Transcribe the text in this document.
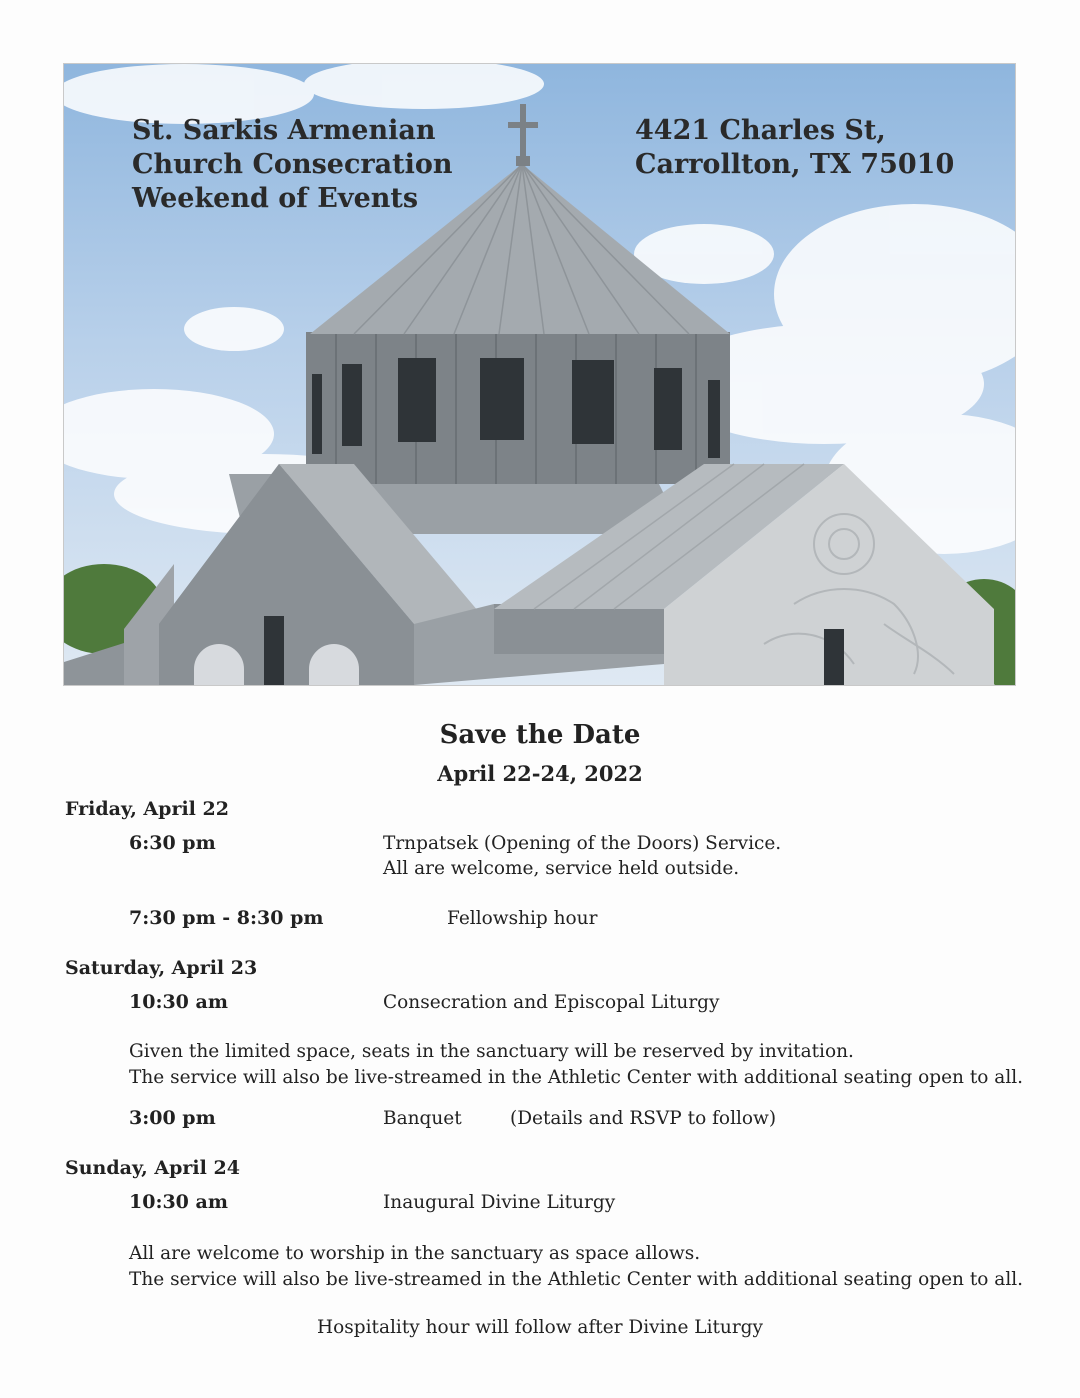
St. Sarkis Armenian
Church Consecration
Weekend of Events
4421 Charles St,
Carrollton, TX 75010
Save the Date
April 22-24, 2022
Friday, April 22
6:30 pm	Trnpatsek (Opening of the Doors) Service.
All are welcome, service held outside.
7:30 pm - 8:30 pm	Fellowship hour
Saturday, April 23
10:30 am	Consecration and Episcopal Liturgy
Given the limited space, seats in the sanctuary will be reserved by invitation.
The service will also be live-streamed in the Athletic Center with additional seating open to all.
3:00 pm	Banquet	(Details and RSVP to follow)
Sunday, April 24
10:30 am	Inaugural Divine Liturgy
All are welcome to worship in the sanctuary as space allows.
The service will also be live-streamed in the Athletic Center with additional seating open to all.
Hospitality hour will follow after Divine Liturgy
